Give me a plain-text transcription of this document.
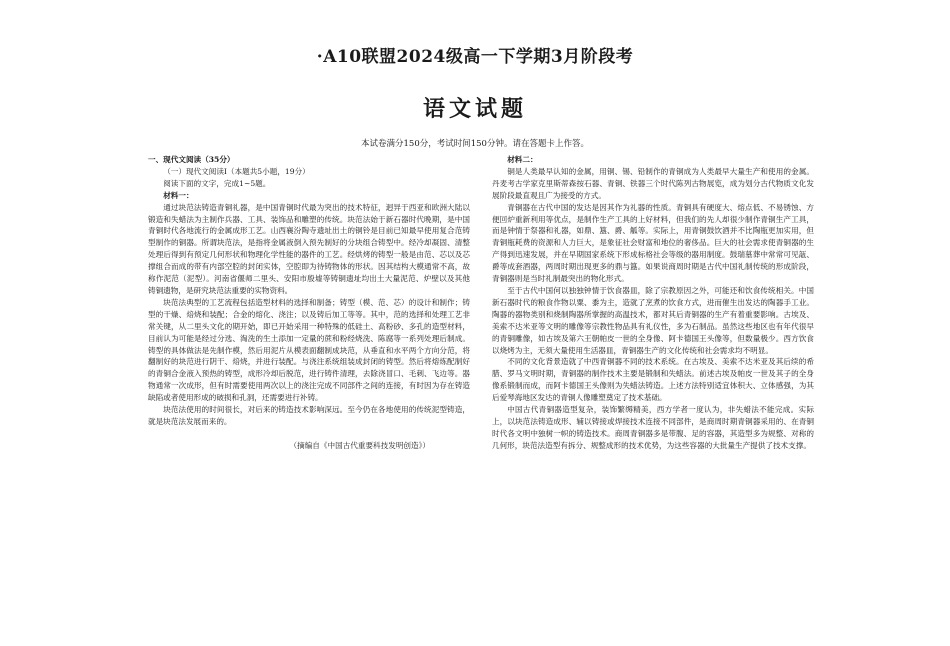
·A10联盟2024级高一下学期3月阶段考
语文试题
本试卷满分150分，考试时间150分钟。请在答题卡上作答。

一、现代文阅读（35分）

（一）现代文阅读Ⅰ（本题共5小题，19分）

阅读下面的文字，完成1~5题。

材料一：

通过块范法铸造青铜礼器，是中国青铜时代最为突出的技术特征，迥异于西亚和欧洲大陆以锻造和失蜡法为主制作兵器、工具、装饰品和雕塑的传统。块范法始于新石器时代晚期，是中国青铜时代各地流行的金属成形工艺。山西襄汾陶寺遗址出土的铜铃是目前已知最早使用复合范铸型制作的铜器。所谓块范法，是指将金属液倒入预先制好的分块组合铸型中。经冷却凝固、清整处理后得到有预定几何形状和物理化学性能的器件的工艺。经烘烤的铸型一般是由范、芯以及芯撑组合而成的带有内部空腔的封闭实体，空腔即为待铸物体的形状。因其结构大模通常不高，故称作泥范（泥型）。河南省偃师二里头、安阳市殷墟等铸铜遗址均出土大量泥范、炉壁以及其他铸铜遗物，是研究块范法重要的实物资料。

块范法典型的工艺流程包括造型材料的选择和制备；铸型（模、范、芯）的设计和制作；铸型的干燥、焙烧和装配；合金的熔化、浇注；以及铸后加工等等。其中，范的选择和处理工艺非常关键，从二里头文化的期开始，即已开始采用一种特殊的低硅土、高粉砂、多孔的造型材料，目前认为可能是经过分选、淘洗的生土添加一定量的蔗和粉经烧洗、陈腐等一系列处理后制成。铸型的具体做法是先制作模，然后用泥片从模表面翻制成块范，从垂直和水平两个方向分范，将翻制好的块范进行阴干、焙烧，并进行装配。与浇注系统组装成封闭的铸型。然后将熔炼配制好的青铜合金液入预热的铸型，成形冷却后脱范，进行铸件清理，去除浇冒口、毛刺、飞边等。器物通常一次成形，但有时需要使用两次以上的浇注完成不同部件之间的连接，有时因为存在铸造缺陷或者使用形成的破损和孔洞，还需要进行补铸。

块范法使用的时间很长，对后来的铸造技术影响深远。至今仍在各地使用的传统泥型铸造，就是块范法发展而来的。

（摘编自《中国古代重要科技发明创造》）

材料二：

铜是人类最早认知的金属，用铜、锡、铅制作的青铜成为人类最早大量生产和使用的金属。丹麦考古学家克里斯蒂森按石器、青铜、铁器三个时代陈列古物展览，成为划分古代物质文化发展阶段最直观且广为接受的方式。

青铜器在古代中国的发达是因其作为礼器的性质。青铜具有硬度大、熔点低、不易锈蚀、方便回炉重新利用等优点，是制作生产工具的上好材料，但我们的先人却很少制作青铜生产工具，而是钟情于祭器和礼器，如鼎、簋、爵、觚等。实际上，用青铜鼓饮酒并不比陶瓶更加实用，但青铜瓶耗费的资源和人力巨大，是象征社会财富和地位的奢侈品。巨大的社会需求使青铜器的生产得到迅速发展，并在早期国家系统下形成标格社会等级的器用制度。鼓瑞墓葬中常常可见瓿、爵等成套酒器，两周时期出现更多的鼎与簋。如果说商周时期是古代中国礼制传统的形成阶段，青铜器则是当时礼制最突出的物化形式。

至于古代中国何以独独钟情于饮食器皿，除了宗教原因之外，可能还和饮食传统相关。中国新石器时代的粮食作物以粟、黍为主，造就了烹煮的饮食方式，进而催生出发达的陶器手工业。陶器的器物类别和烧制陶器所掌握的高温技术，都对其后青铜器的生产有着重要影响。古埃及、美索不达米亚等文明的雕像等宗教性物品具有礼仪性，多为石制品。虽然这些地区也有年代很早的青铜雕像，如古埃及第六王朝帕皮一世的全身像、阿卡德国王头像等，但数量极少。西方饮食以烧烤为主，无须大量使用生活器皿，青铜器生产的文化传统和社会需求均不明显。

不同的文化背景造就了中西青铜器不同的技术系统。在古埃及、美索不达米亚及其后续的希腊、罗马文明时期，青铜器的制作技术主要是锻制和失蜡法。前述古埃及帕皮一世及其子的全身像系锻制而成，而阿卡德国王头像则为失蜡法铸造。上述方法特别适宜体积大、立体感强，为其后爱琴海地区发达的青铜人像雕塑奠定了技术基础。

中国古代青铜器造型复杂，装饰繁缛精美，西方学者一度认为，非失蜡法不能完成。实际上，以块范法铸造成形、辅以铸接或焊接技术连接不同部件，是商周时期青铜器采用的、在青铜时代各文明中独树一帜的铸造技术。商周青铜器多是带腹、足的容器，其造型多为规整、对称的几何形，块范法造型有拆分、规整成形的技术优势，为这些容器的大批量生产提供了技术支撑。
